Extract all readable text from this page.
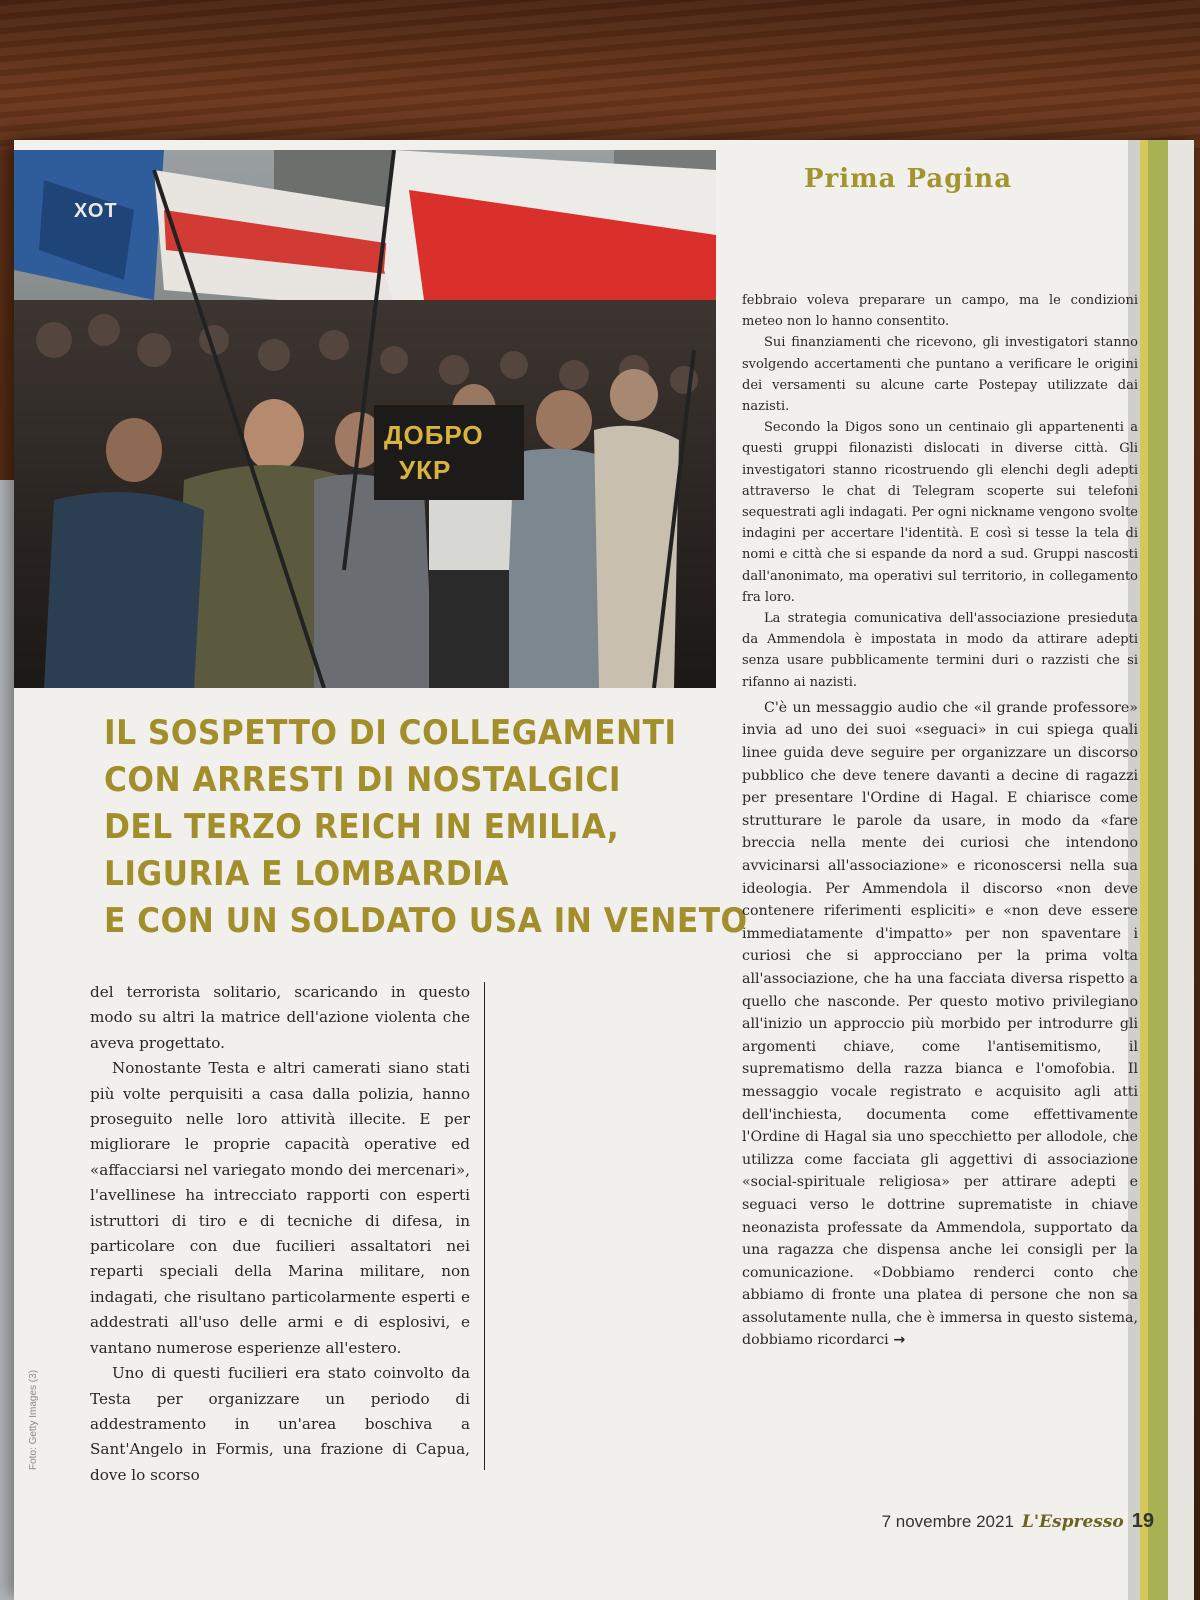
ДОБРО
УКР
ХОТ
Prima Pagina
IL SOSPETTO DI COLLEGAMENTI
CON ARRESTI DI NOSTALGICI
DEL TERZO REICH IN EMILIA,
LIGURIA E LOMBARDIA
E CON UN SOLDATO USA IN VENETO

febbraio voleva preparare un campo, ma le condizioni meteo non lo hanno consentito.

Sui finanziamenti che ricevono, gli investigatori stanno svolgendo accertamenti che puntano a verificare le origini dei versamenti su alcune carte Postepay utilizzate dai nazisti.

Secondo la Digos sono un centinaio gli appartenenti a questi gruppi filonazisti dislocati in diverse città. Gli investigatori stanno ricostruendo gli elenchi degli adepti attraverso le chat di Telegram scoperte sui telefoni sequestrati agli indagati. Per ogni nickname vengono svolte indagini per accertare l'identità. E così si tesse la tela di nomi e città che si espande da nord a sud. Gruppi nascosti dall'anonimato, ma operativi sul territorio, in collegamento fra loro.

La strategia comunicativa dell'associazione presieduta da Ammendola è impostata in modo da attirare adepti senza usare pubblicamente termini duri o razzisti che si rifanno ai nazisti.

C'è un messaggio audio che «il grande professore» invia ad uno dei suoi «seguaci» in cui spiega quali linee guida deve seguire per organizzare un discorso pubblico che deve tenere davanti a decine di ragazzi per presentare l'Ordine di Hagal. E chiarisce come strutturare le parole da usare, in modo da «fare breccia nella mente dei curiosi che intendono avvicinarsi all'associazione» e riconoscersi nella sua ideologia. Per Ammendola il discorso «non deve contenere riferimenti espliciti» e «non deve essere immediatamente d'impatto» per non spaventare i curiosi che si approcciano per la prima volta all'associazione, che ha una facciata diversa rispetto a quello che nasconde. Per questo motivo privilegiano all'inizio un approccio più morbido per introdurre gli argomenti chiave, come l'antisemitismo, il suprematismo della razza bianca e l'omofobia. Il messaggio vocale registrato e acquisito agli atti dell'inchiesta, documenta come effettivamente l'Ordine di Hagal sia uno specchietto per allodole, che utilizza come facciata gli aggettivi di associazione «social-spirituale religiosa» per attirare adepti e seguaci verso le dottrine suprematiste in chiave neonazista professate da Ammendola, supportato da una ragazza che dispensa anche lei consigli per la comunicazione. «Dobbiamo renderci conto che abbiamo di fronte una platea di persone che non sa assolutamente nulla, che è immersa in questo sistema, dobbiamo ricordarci →

del terrorista solitario, scaricando in questo modo su altri la matrice dell'azione violenta che aveva progettato.

Nonostante Testa e altri camerati siano stati più volte perquisiti a casa dalla polizia, hanno proseguito nelle loro attività illecite. E per migliorare le proprie capacità operative ed «affacciarsi nel variegato mondo dei mercenari», l'avellinese ha intrecciato rapporti con esperti istruttori di tiro e di tecniche di difesa, in particolare con due fucilieri assaltatori nei reparti speciali della Marina militare, non indagati, che risultano particolarmente esperti e addestrati all'uso delle armi e di esplosivi, e vantano numerose esperienze all'estero.

Uno di questi fucilieri era stato coinvolto da Testa per organizzare un periodo di addestramento in un'area boschiva a Sant'Angelo in Formis, una frazione di Capua, dove lo scorso

Foto: Getty Images (3)
7 novembre 2021 L'Espresso 19
